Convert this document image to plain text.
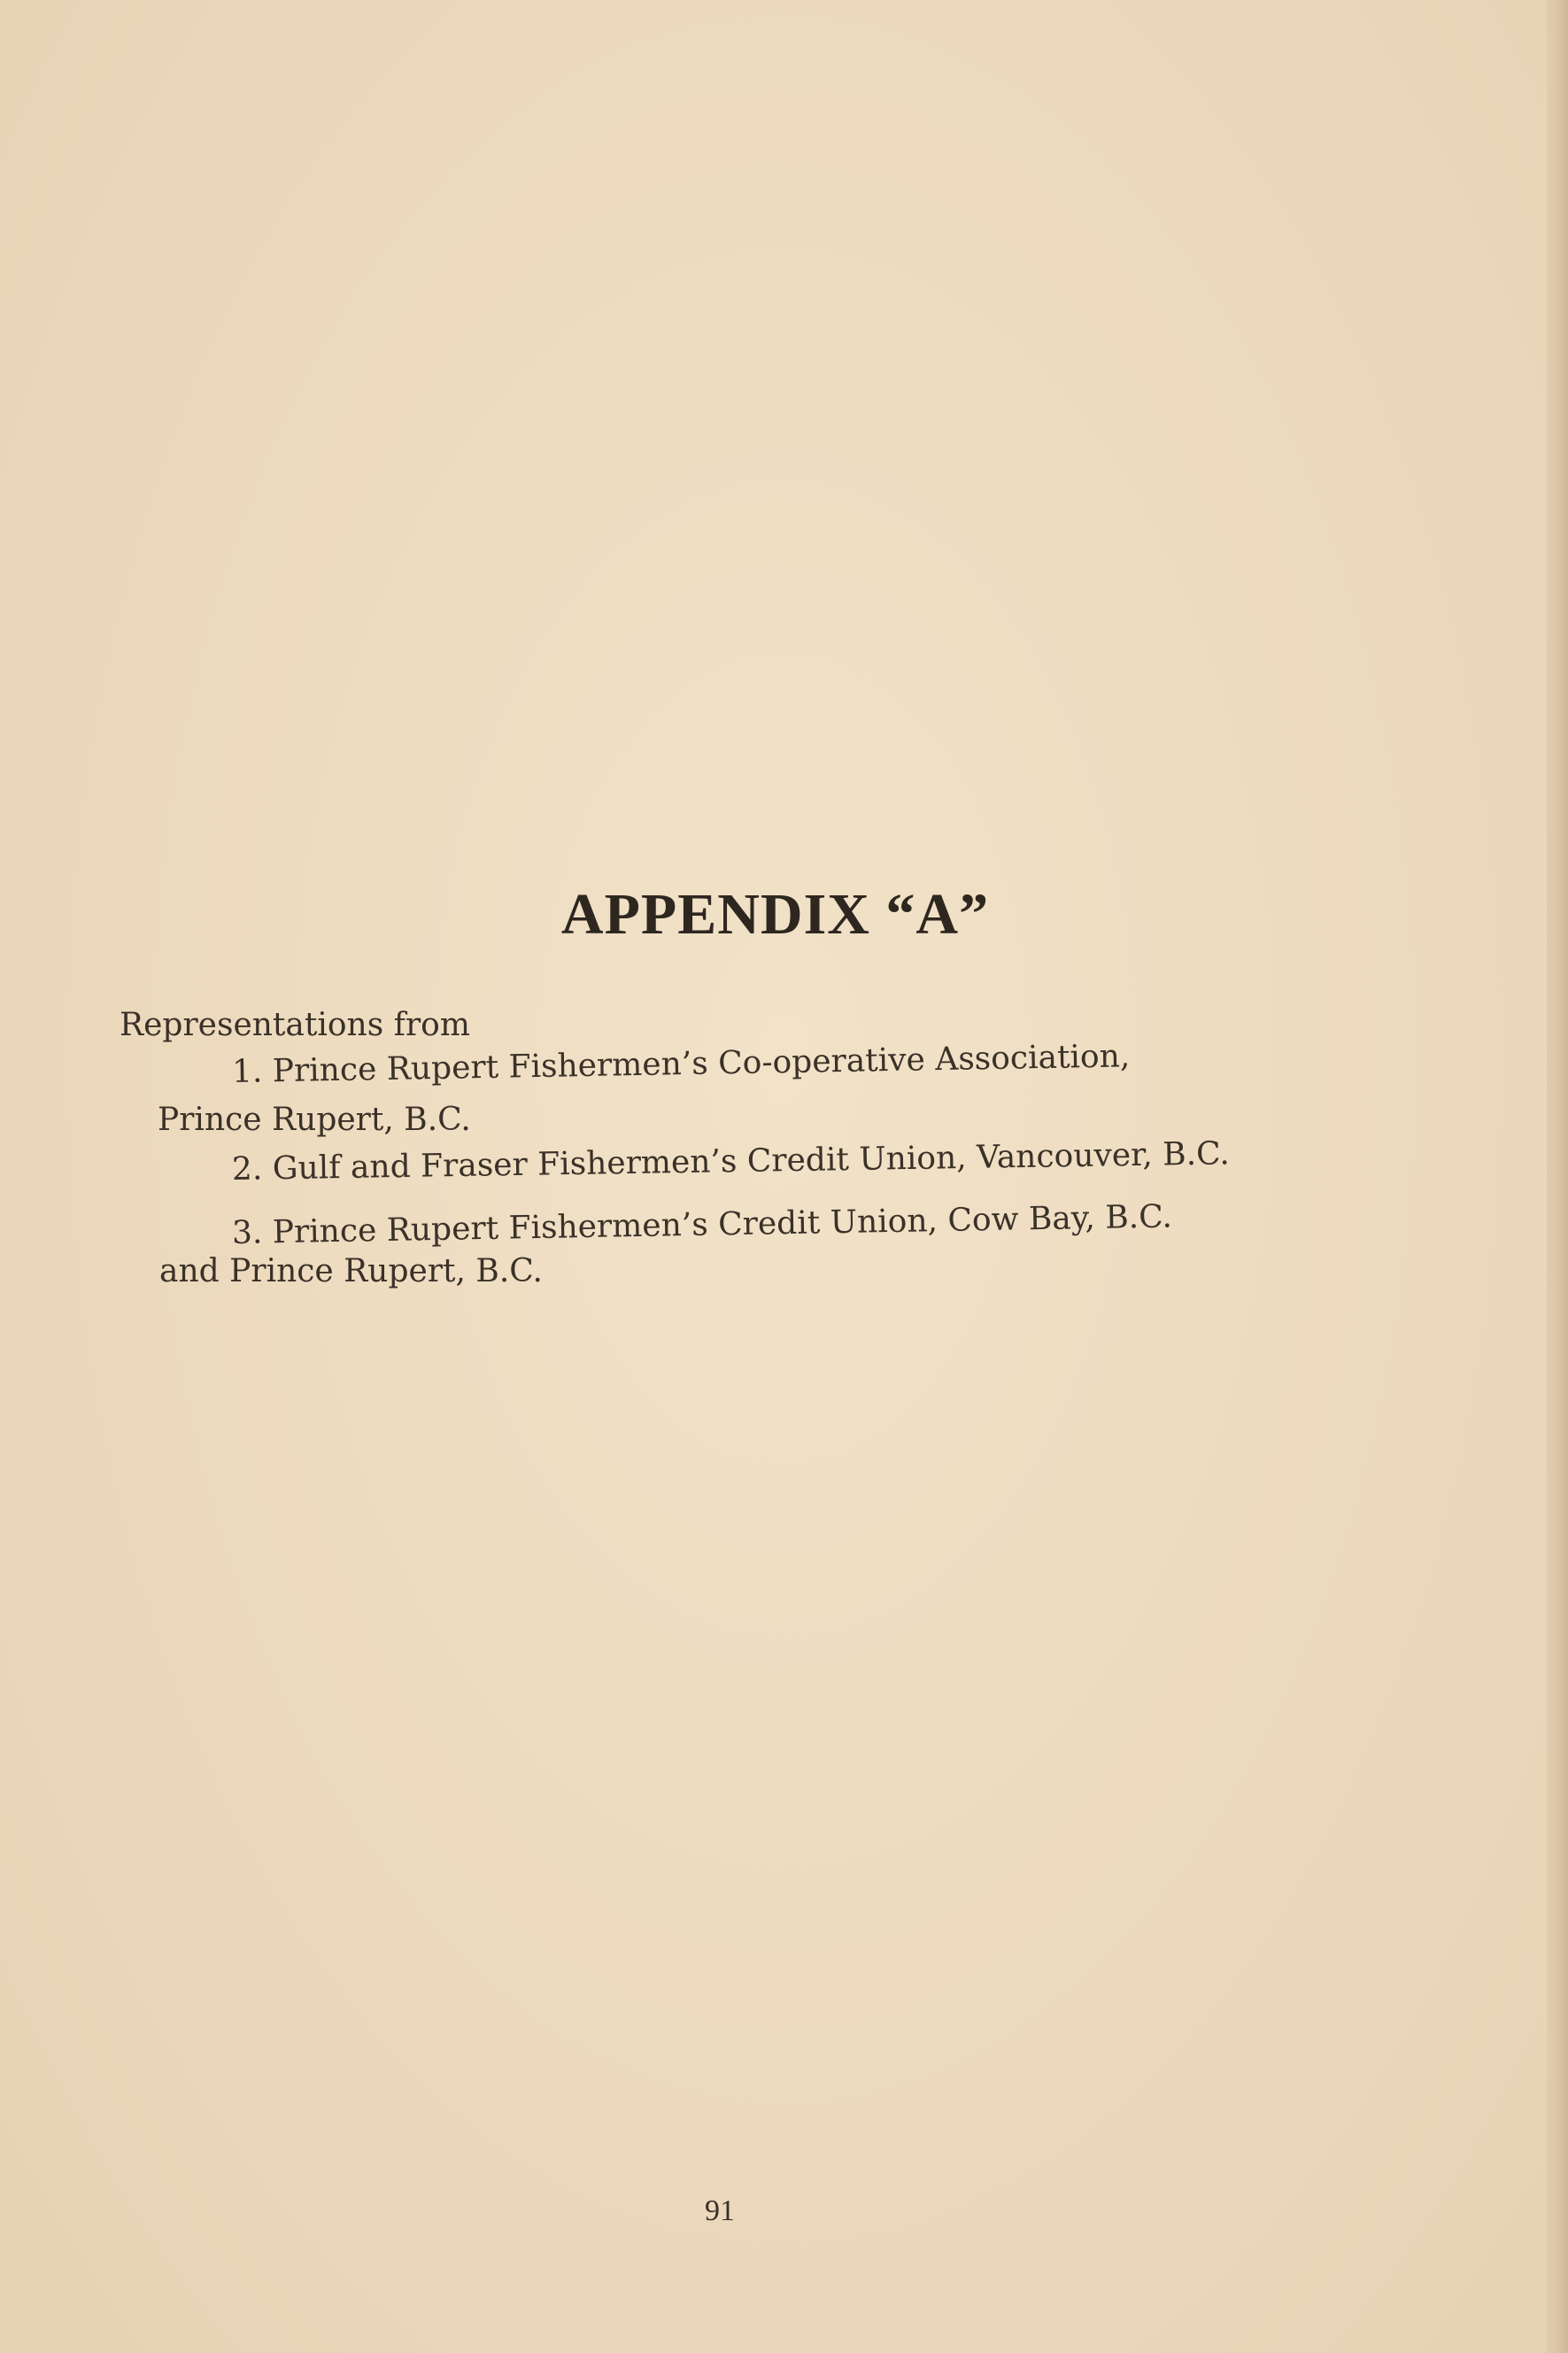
APPENDIX “A”

Representations from

1. Prince Rupert Fishermen’s Co-operative Association,

Prince Rupert, B.C.

2. Gulf and Fraser Fishermen’s Credit Union, Vancouver, B.C.

3. Prince Rupert Fishermen’s Credit Union, Cow Bay, B.C.

and Prince Rupert, B.C.

91
